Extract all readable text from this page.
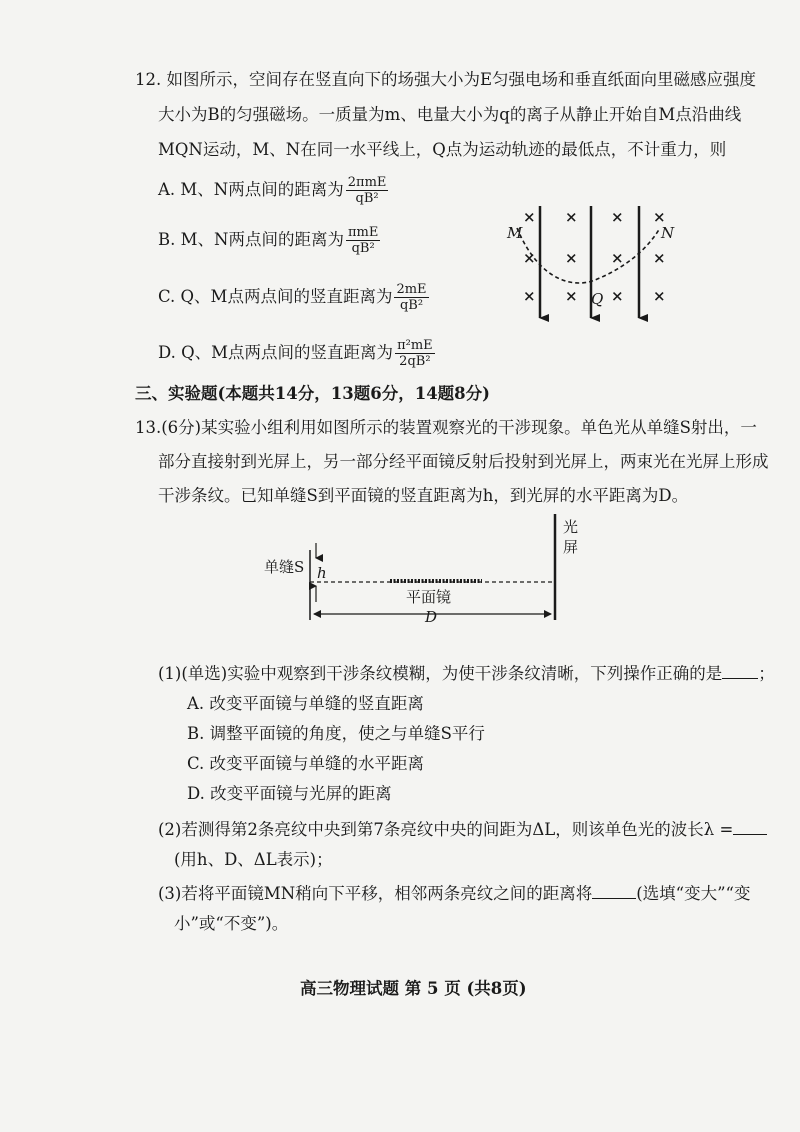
12. 如图所示，空间存在竖直向下的场强大小为E匀强电场和垂直纸面向里磁感应强度
大小为B的匀强磁场。一质量为m、电量大小为q的离子从静止开始自M点沿曲线
MQN运动，M、N在同一水平线上，Q点为运动轨迹的最低点，不计重力，则
A. M、N两点间的距离为 $\frac{\text{2πmE}}{\text{qB²}}$
B. M、N两点间的距离为 $\frac{\text{πmE}}{\text{qB²}}$
C. Q、M点两点间的竖直距离为 $\frac{2mE}{\text{qB²}}$
D. Q、M点两点间的竖直距离为 $\frac{\text{π²mE}}{\text{2qB²}}$
× × × ×
× × × ×
× × × ×
M	N
Q
三、实验题(本题共14分，13题6分，14题8分)
13.(6分)某实验小组利用如图所示的装置观察光的干涉现象。单色光从单缝S射出，一
部分直接射到光屏上，另一部分经平面镜反射后投射到光屏上，两束光在光屏上形成
干涉条纹。已知单缝S到平面镜的竖直距离为h，到光屏的水平距离为D。
单缝S h
平面镜
D
光
屏
(1)(单选)实验中观察到干涉条纹模糊，为使干涉条纹清晰，下列操作正确的是 ；
A. 改变平面镜与单缝的竖直距离
B. 调整平面镜的角度，使之与单缝S平行
C. 改变平面镜与单缝的水平距离
D. 改变平面镜与光屏的距离
(2)若测得第2条亮纹中央到第7条亮纹中央的间距为ΔL，则该单色光的波长λ =
(用h、D、ΔL表示)；
(3)若将平面镜MN稍向下平移，相邻两条亮纹之间的距离将	(选填“变大”“变
小”或“不变”)。
高三物理试题 第 5 页 (共8页)
